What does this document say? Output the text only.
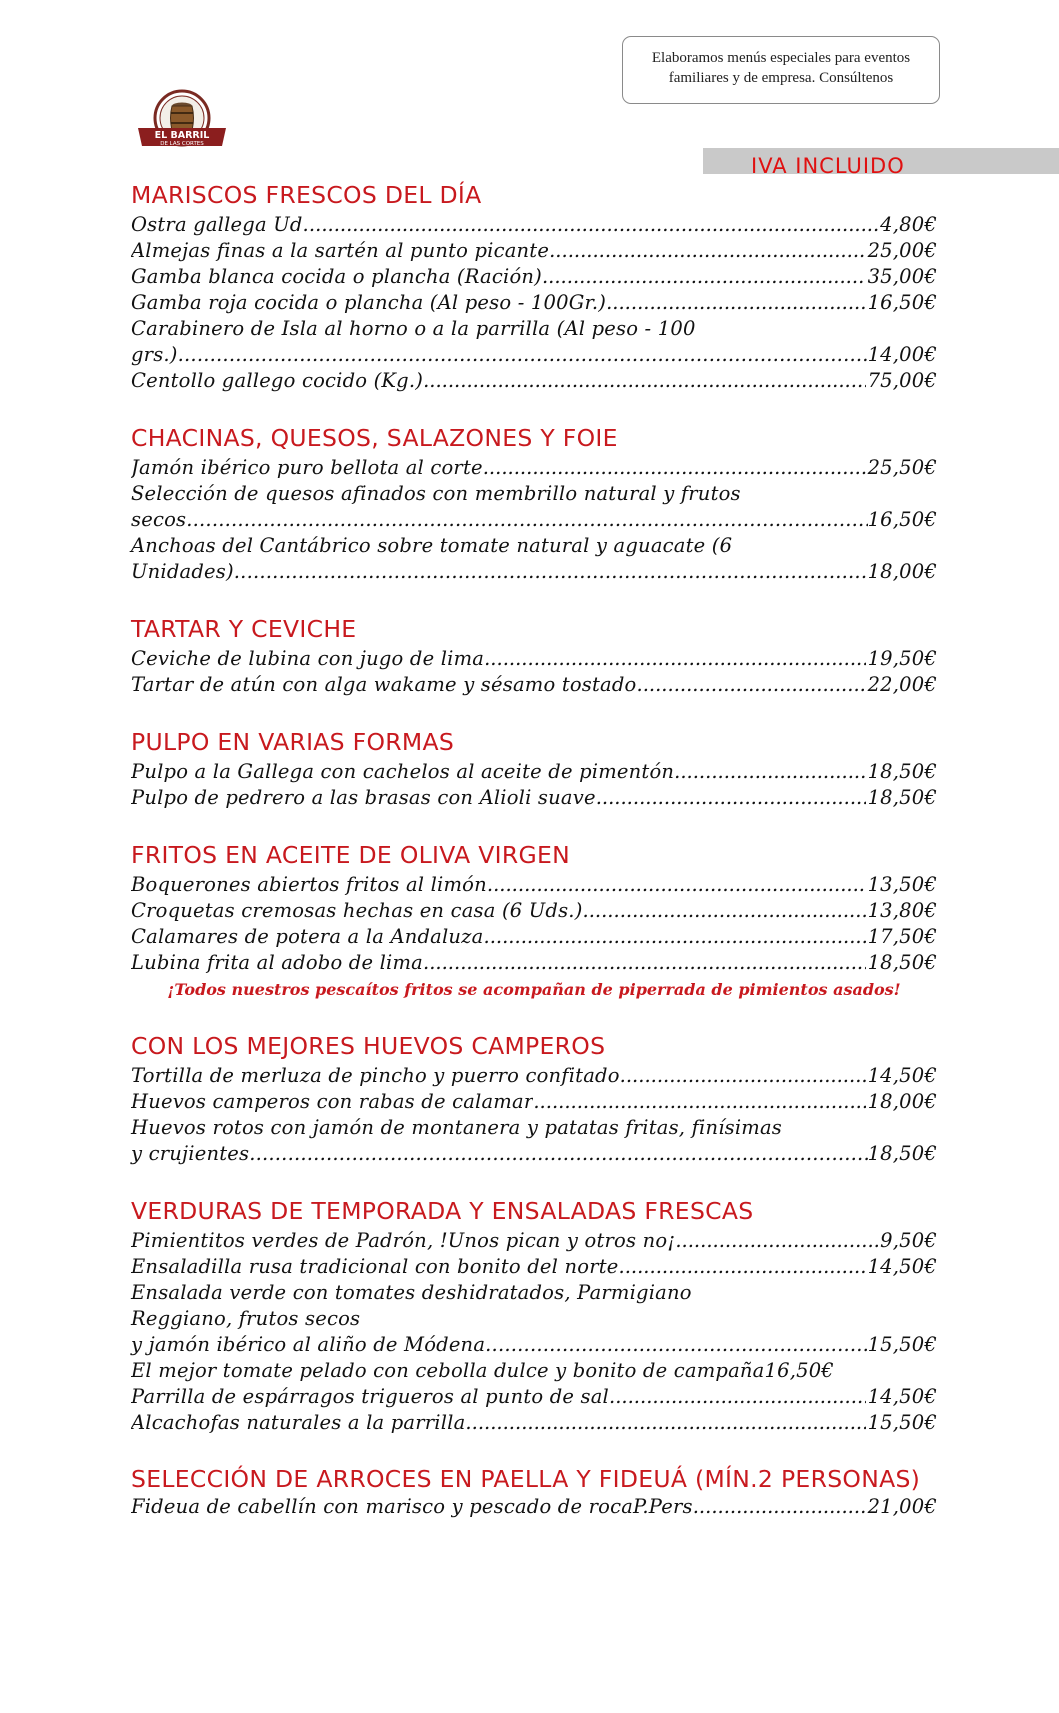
Elaboramos menús especiales para eventos familiares y de empresa. Consúltenos
EL BARRIL
DE LAS CORTES
IVA INCLUIDO
MARISCOS FRESCOS DEL DÍA
Ostra gallega Ud. .....	4,80€
Almejas finas a la sartén al punto picante .....	25,00€
Gamba blanca cocida o plancha (Ración) .....	35,00€
Gamba roja cocida o plancha (Al peso - 100Gr.) .....	16,50€
Carabinero de Isla al horno o a la parrilla (Al peso - 100
grs.) .....	14,00€
Centollo gallego cocido (Kg.) .....	75,00€
CHACINAS, QUESOS, SALAZONES Y FOIE
Jamón ibérico puro bellota al corte .....	25,50€
Selección de quesos afinados con membrillo natural y frutos
secos .....	16,50€
Anchoas del Cantábrico sobre tomate natural y aguacate (6
Unidades) .....	18,00€
TARTAR Y CEVICHE
Ceviche de lubina con jugo de lima .....	19,50€
Tartar de atún con alga wakame y sésamo tostado .....	22,00€
PULPO EN VARIAS FORMAS
Pulpo a la Gallega con cachelos al aceite de pimentón .....	18,50€
Pulpo de pedrero a las brasas con Alioli suave .....	18,50€
FRITOS EN ACEITE DE OLIVA VIRGEN
Boquerones abiertos fritos al limón .....	13,50€
Croquetas cremosas hechas en casa (6 Uds.) .....	13,80€
Calamares de potera a la Andaluza .....	17,50€
Lubina frita al adobo de lima .....	18,50€
¡Todos nuestros pescaítos fritos se acompañan de piperrada de pimientos asados!
CON LOS MEJORES HUEVOS CAMPEROS
Tortilla de merluza de pincho y puerro confitado .....	14,50€
Huevos camperos con rabas de calamar .....	18,00€
Huevos rotos con jamón de montanera y patatas fritas, finísimas
y crujientes .....	18,50€
VERDURAS DE TEMPORADA Y ENSALADAS FRESCAS
Pimientitos verdes de Padrón, !Unos pican y otros no¡ .....	9,50€
Ensaladilla rusa tradicional con bonito del norte .....	14,50€
Ensalada verde con tomates deshidratados, Parmigiano
Reggiano, frutos secos
y jamón ibérico al aliño de Módena .....	15,50€
El mejor tomate pelado con cebolla dulce y bonito de campaña 16,50€
Parrilla de espárragos trigueros al punto de sal .....	14,50€
Alcachofas naturales a la parrilla .....	15,50€
SELECCIÓN DE ARROCES EN PAELLA Y FIDEUÁ (MÍN.2 PERSONAS)
Fideua de cabellín con marisco y pescado de rocaP.Pers .....	21,00€
